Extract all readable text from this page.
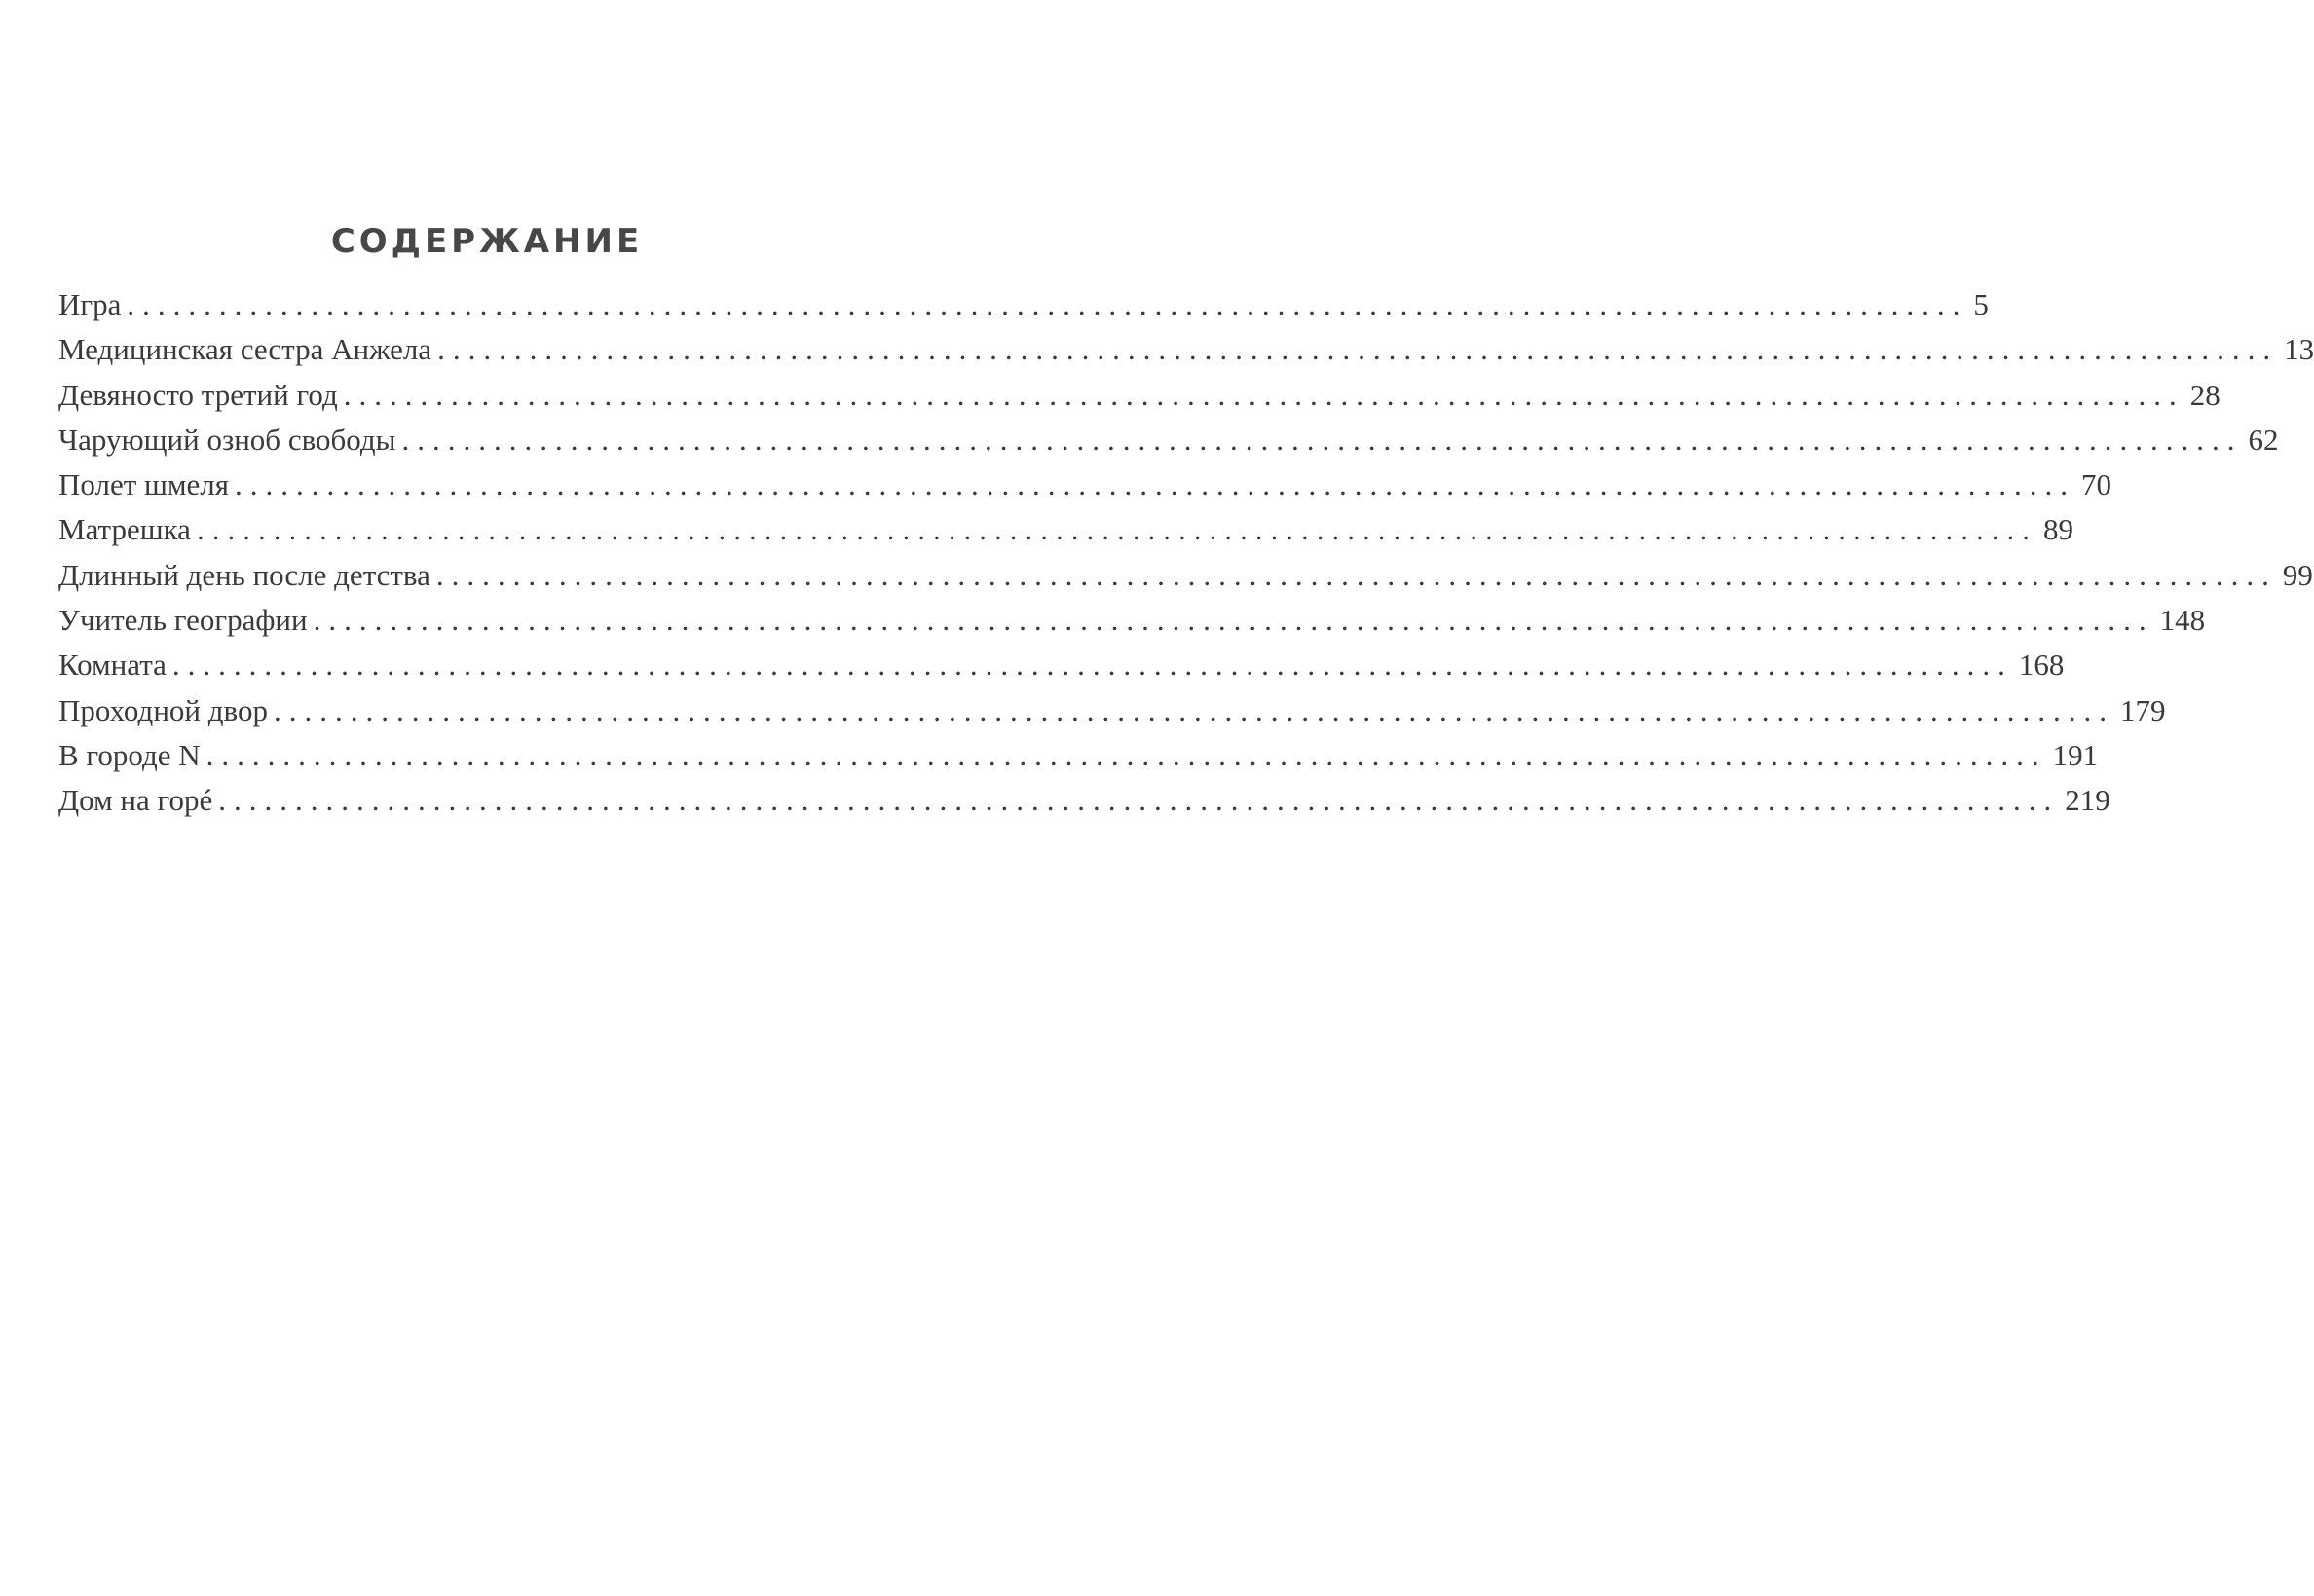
СОДЕРЖАНИЕ
Игра ........................................................................................................................ 5
Медицинская сестра Анжела ........................................................................................................................ 13
Девяносто третий год ........................................................................................................................ 28
Чарующий озноб свободы ........................................................................................................................ 62
Полет шмеля ........................................................................................................................ 70
Матрешка ........................................................................................................................ 89
Длинный день после детства ........................................................................................................................ 99
Учитель географии ........................................................................................................................ 148
Комната ........................................................................................................................ 168
Проходной двор ........................................................................................................................ 179
В городе N ........................................................................................................................ 191
Дом на горé ........................................................................................................................ 219
